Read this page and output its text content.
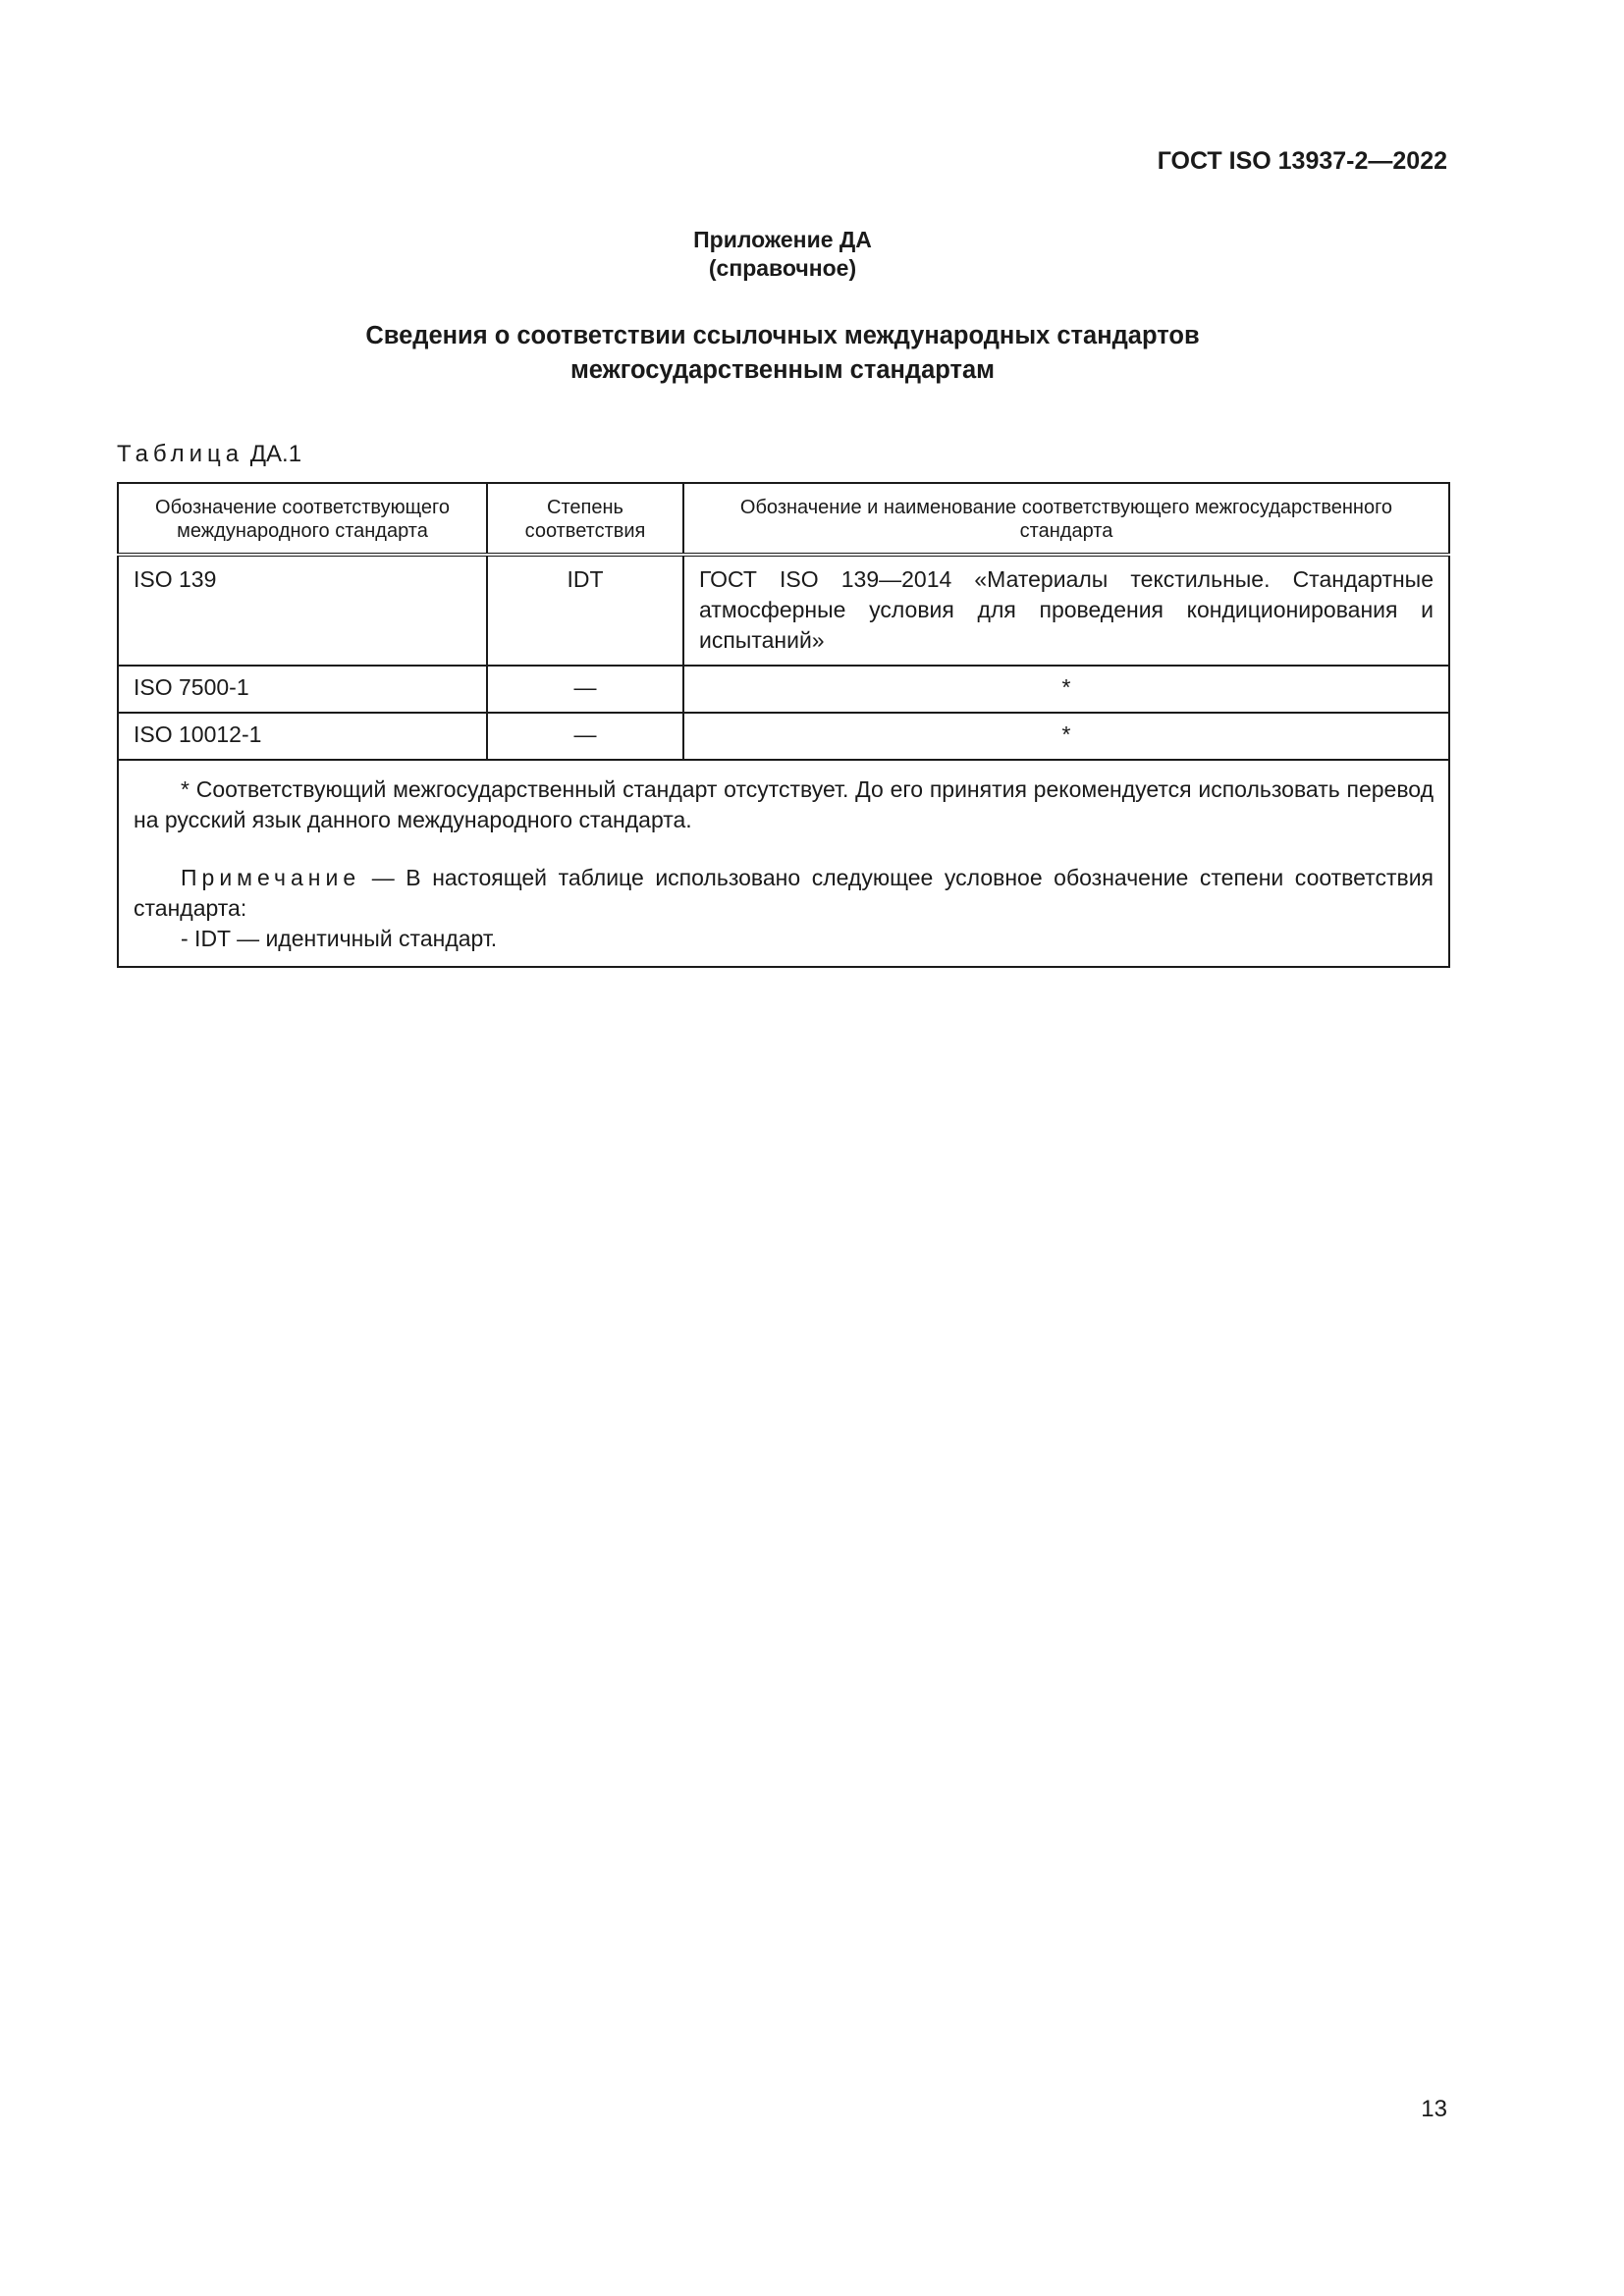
ГОСТ ISO 13937-2—2022

Приложение ДА
(справочное)
Сведения о соответствии ссылочных международных стандартов
межгосударственным стандартам

Таблица ДА.1

Обозначение соответствующего международного стандарта	Степень соответствия	Обозначение и наименование соответствующего межгосударственного стандарта
ISO 139	IDT	ГОСТ ISO 139—2014 «Материалы текстильные. Стандартные атмосферные условия для проведения кондиционирования и испытаний»
ISO 7500-1	—	*
ISO 10012-1	—	*

* Соответствующий межгосударственный стандарт отсутствует. До его принятия рекомендуется использовать перевод на русский язык данного международного стандарта.

Примечание — В настоящей таблице использовано следующее условное обозначение степени соответствия стандарта:

- IDT — идентичный стандарт.		

13
